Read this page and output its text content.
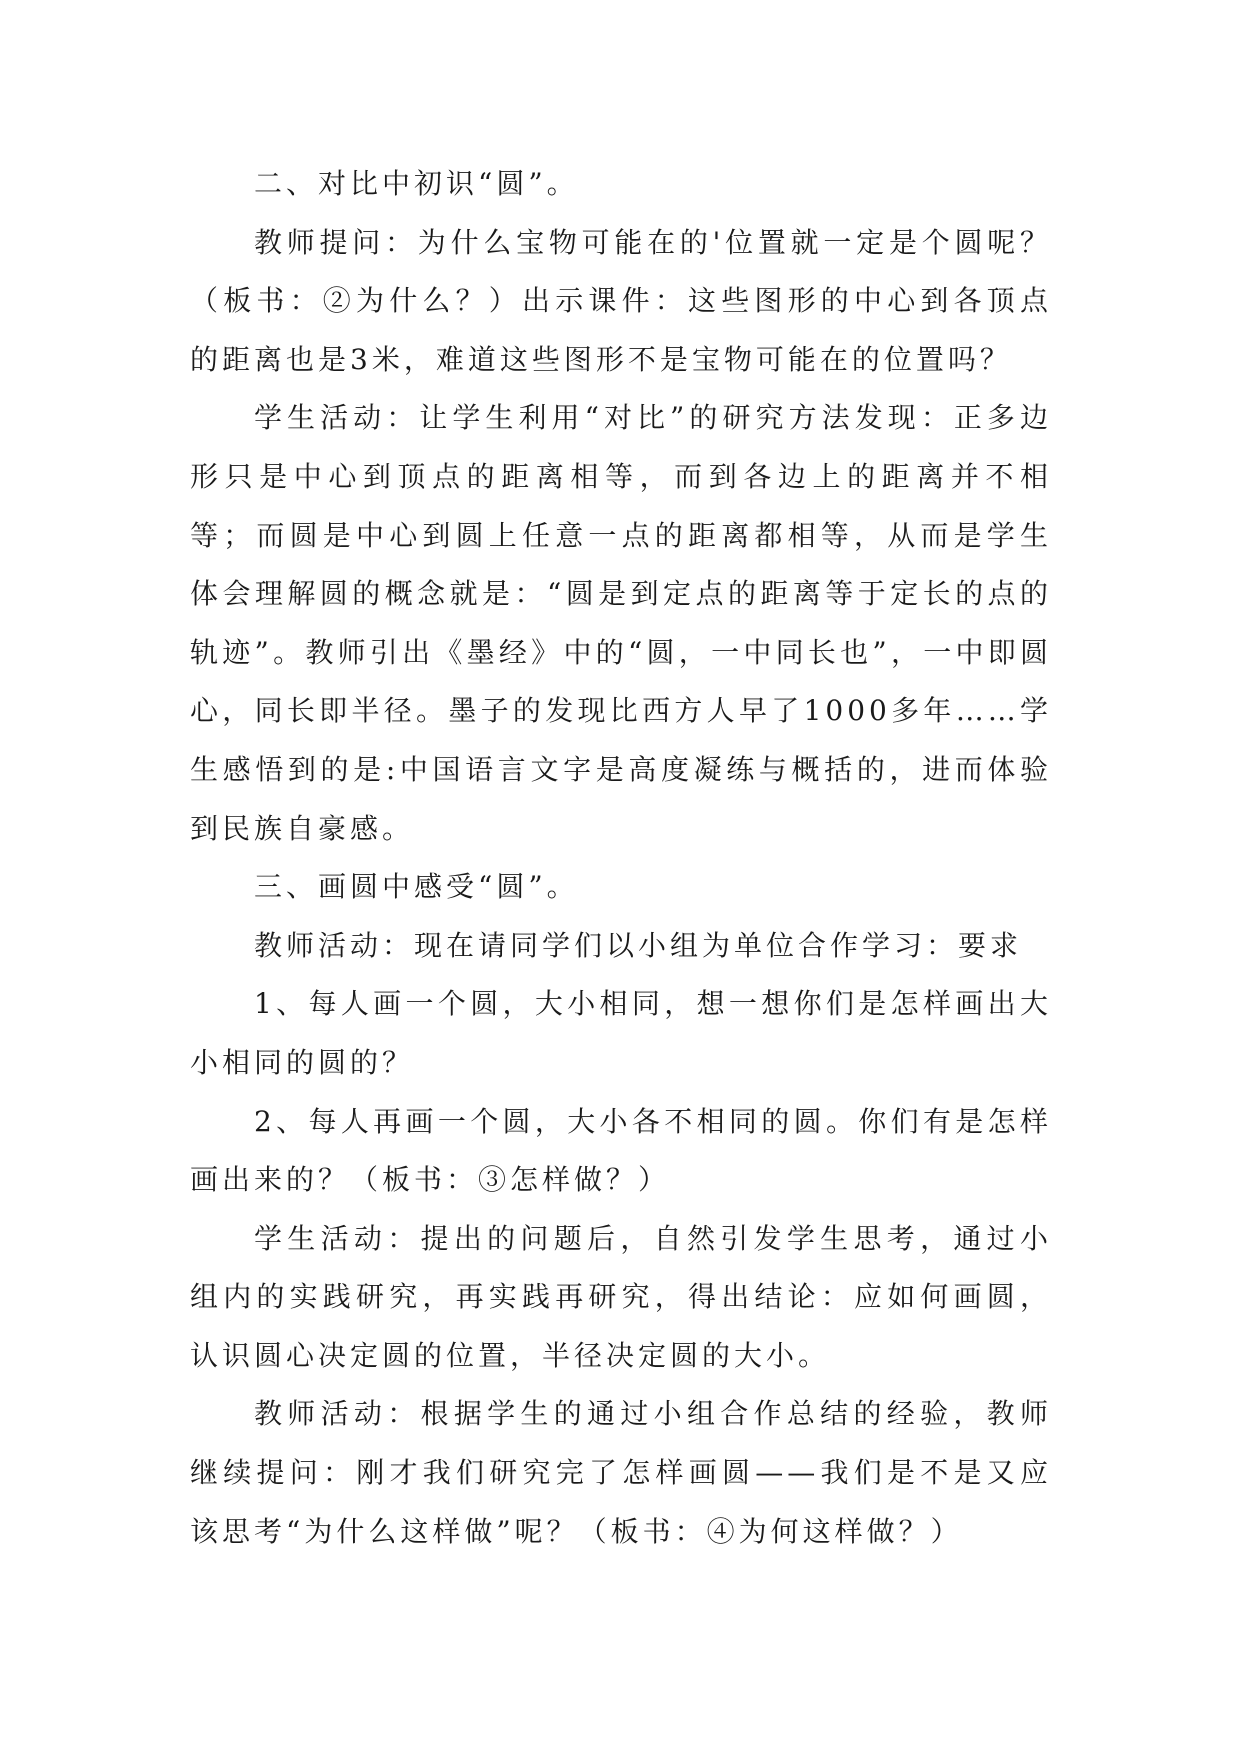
二、对比中初识“圆”。

教师提问：为什么宝物可能在的'位置就一定是个圆呢？（板书：②为什么？）出示课件：这些图形的中心到各顶点的距离也是3米，难道这些图形不是宝物可能在的位置吗？

学生活动：让学生利用“对比”的研究方法发现：正多边形只是中心到顶点的距离相等，而到各边上的距离并不相等；而圆是中心到圆上任意一点的距离都相等，从而是学生体会理解圆的概念就是：“圆是到定点的距离等于定长的点的轨迹”。教师引出《墨经》中的“圆，一中同长也”，一中即圆心，同长即半径。墨子的发现比西方人早了1000多年……学生感悟到的是:中国语言文字是高度凝练与概括的，进而体验到民族自豪感。

三、画圆中感受“圆”。

教师活动：现在请同学们以小组为单位合作学习：要求

1、每人画一个圆，大小相同，想一想你们是怎样画出大小相同的圆的？

2、每人再画一个圆，大小各不相同的圆。你们有是怎样画出来的？（板书：③怎样做？）

学生活动：提出的问题后，自然引发学生思考，通过小组内的实践研究，再实践再研究，得出结论：应如何画圆，认识圆心决定圆的位置，半径决定圆的大小。

教师活动：根据学生的通过小组合作总结的经验，教师继续提问：刚才我们研究完了怎样画圆——我们是不是又应该思考“为什么这样做”呢？（板书：④为何这样做？）
